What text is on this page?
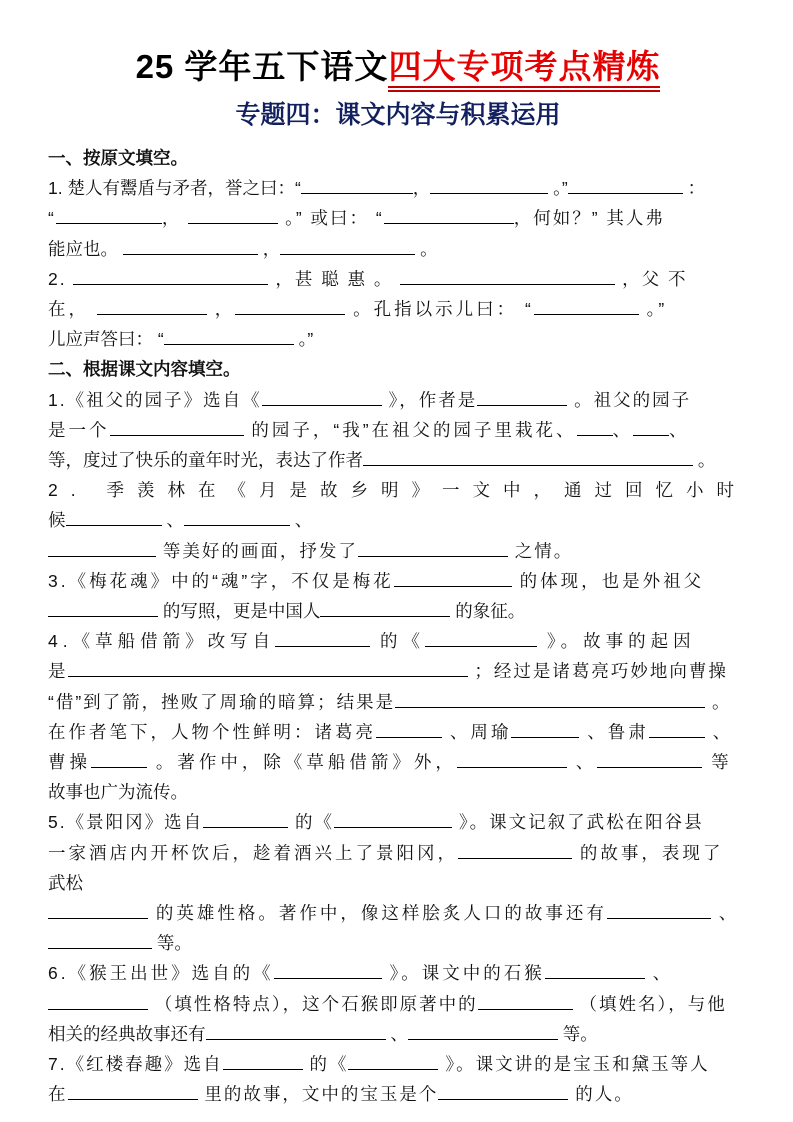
25 学年五下语文四大专项考点精炼
专题四：课文内容与积累运用
一、按原文填空。
1. 楚人有鬻盾与矛者，誉之曰：“	，	。”	：
“	，	。” 或曰： “	，何如？” 其人弗
能应也。	，	。
2.	，甚 聪 惠 。	，父 不
在，	，	。孔指以示儿曰： “	。”
儿应声答曰： “	。”
二、根据课文内容填空。
1.《祖父的园子》选自《	》，作者是	。祖父的园子
是一个	的园子，“我”在祖父的园子里栽花、 、 、
等，度过了快乐的童年时光，表达了作者	。
2. 季羡林在《月是故乡明》一文中，通过回忆小时
候	、	、
等美好的画面，抒发了	之情。
3.《梅花魂》中的“魂”字，不仅是梅花	的体现，也是外祖父
的写照，更是中国人	的象征。
4.《草船借箭》改写自	的《	》。故事的起因
是	；经过是诸葛亮巧妙地向曹操
“借”到了箭，挫败了周瑜的暗算；结果是	。
在作者笔下，人物个性鲜明：诸葛亮	、周瑜	、鲁肃	、
曹操	。著作中，除《草船借箭》外，	、	等
故事也广为流传。
5.《景阳冈》选自	的《	》。课文记叙了武松在阳谷县
一家酒店内开杯饮后，趁着酒兴上了景阳冈，	的故事，表现了
武松
的英雄性格。著作中，像这样脍炙人口的故事还有	、
等。
6.《猴王出世》选自的《	》。课文中的石猴	、
（填性格特点），这个石猴即原著中的	（填姓名），与他
相关的经典故事还有	、	等。
7.《红楼春趣》选自	的《	》。课文讲的是宝玉和黛玉等人
在	里的故事，文中的宝玉是个	的人。
